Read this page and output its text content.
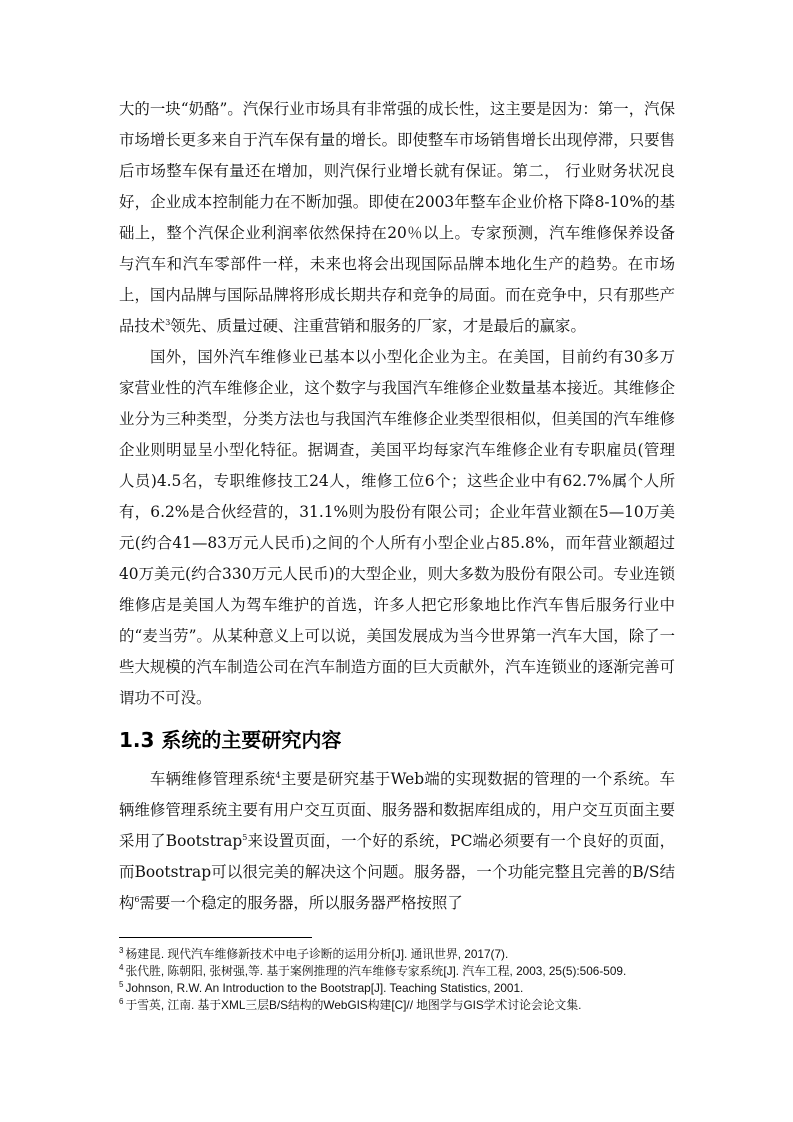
大的一块“奶酪”。汽保行业市场具有非常强的成长性，这主要是因为：第一，汽保市场增长更多来自于汽车保有量的增长。即使整车市场销售增长出现停滞，只要售后市场整车保有量还在增加，则汽保行业增长就有保证。第二， 行业财务状况良好，企业成本控制能力在不断加强。即使在2003年整车企业价格下降8-10%的基础上，整个汽保企业利润率依然保持在20％以上。专家预测，汽车维修保养设备与汽车和汽车零部件一样，未来也将会出现国际品牌本地化生产的趋势。在市场上，国内品牌与国际品牌将形成长期共存和竞争的局面。而在竞争中，只有那些产品技术$^3$领先、质量过硬、注重营销和服务的厂家，才是最后的赢家。

国外，国外汽车维修业已基本以小型化企业为主。在美国，目前约有30多万家营业性的汽车维修企业，这个数字与我国汽车维修企业数量基本接近。其维修企业分为三种类型，分类方法也与我国汽车维修企业类型很相似，但美国的汽车维修企业则明显呈小型化特征。据调查，美国平均每家汽车维修企业有专职雇员(管理人员)4.5名，专职维修技工24人，维修工位6个；这些企业中有62.7%属个人所有，6.2%是合伙经营的，31.1%则为股份有限公司；企业年营业额在5—10万美元(约合41—83万元人民币)之间的个人所有小型企业占85.8%，而年营业额超过40万美元(约合330万元人民币)的大型企业，则大多数为股份有限公司。专业连锁维修店是美国人为驾车维护的首选，许多人把它形象地比作汽车售后服务行业中的“麦当劳”。从某种意义上可以说，美国发展成为当今世界第一汽车大国，除了一些大规模的汽车制造公司在汽车制造方面的巨大贡献外，汽车连锁业的逐渐完善可谓功不可没。

1.3 系统的主要研究内容

车辆维修管理系统$^4$主要是研究基于Web端的实现数据的管理的一个系统。车辆维修管理系统主要有用户交互页面、服务器和数据库组成的，用户交互页面主要采用了Bootstrap$^5$来设置页面，一个好的系统，PC端必须要有一个良好的页面，而Bootstrap可以很完美的解决这个问题。服务器，一个功能完整且完善的B/S结构$^6$需要一个稳定的服务器，所以服务器严格按照了

$^3$ 杨建昆. 现代汽车维修新技术中电子诊断的运用分析[J]. 通讯世界, 2017(7).

$^4$ 张代胜, 陈朝阳, 张树强,等. 基于案例推理的汽车维修专家系统[J]. 汽车工程, 2003, 25(5):506-509.

$^5$ Johnson, R.W. An Introduction to the Bootstrap[J]. Teaching Statistics, 2001.

$^6$ 于雪英, 江南. 基于XML三层B/S结构的WebGIS构建[C]// 地图学与GIS学术讨论会论文集.
